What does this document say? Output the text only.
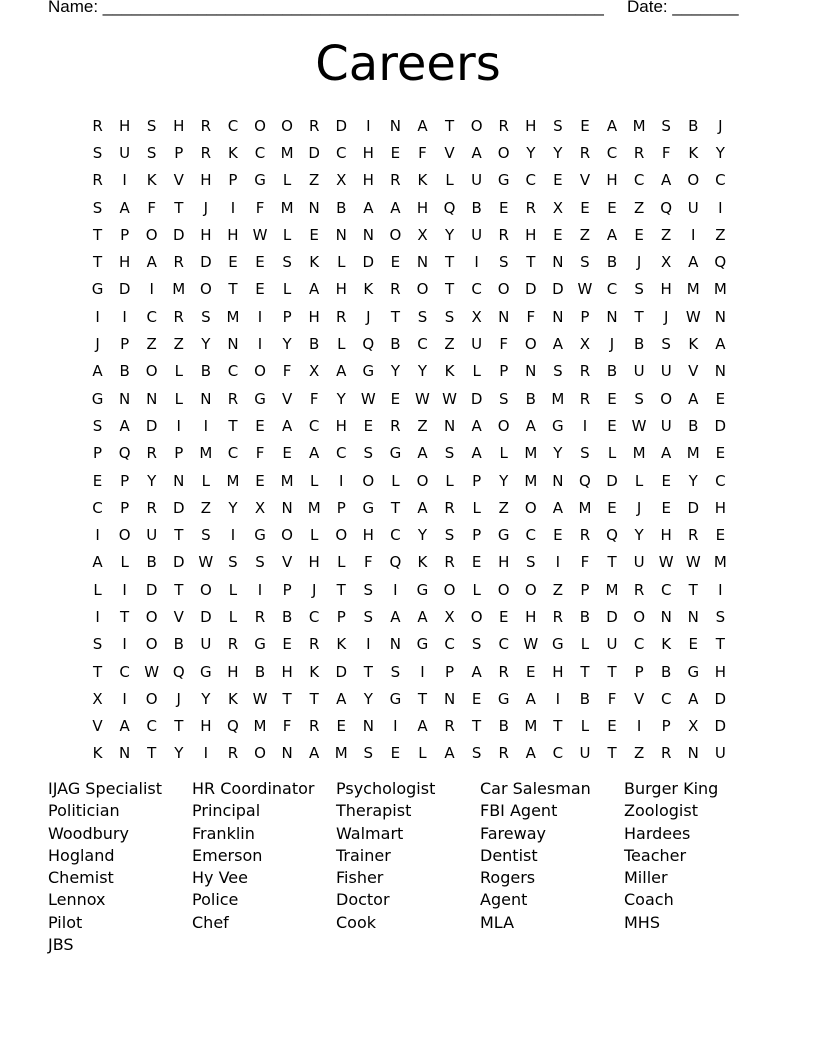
Name: _____________________________________________________ Date: _______
Careers
R	H	S	H	R	C	O	O	R	D	I	N	A	T	O	R	H	S	E	A	M	S	B	J
S	U	S	P	R	K	C	M D	C	H	E	F	V	A	O	Y	Y	R	C	R	F	K	Y
R	I	K	V	H	P	G	L	Z	X	H	R	K	L	U	G	C	E	V	H	C	A	O	C
S	A	F	T	J	I	F	M N	B	A	A	H	Q	B	E	R	X	E	E	Z	Q	U	I
T	P	O	D	H	H W	L	E	N	N	O	X	Y	U	R	H	E	Z	A	E	Z	I	Z
T	H	A	R	D	E	E	S	K	L	D	E	N	T	I	S	T	N	S	B	J	X	A	Q
G	D	I	M O	T	E	L	A	H	K	R	O	T	C	O	D	D W C	S	H M M
I	I	C	R	S	M	I	P	H	R	J	T	S	S	X	N	F	N	P	N	T	J	W N
J	P	Z	Z	Y	N	I	Y	B	L	Q	B	C	Z	U	F	O	A	X	J	B	S	K	A
A	B	O	L	B	C	O	F	X	A	G	Y	Y	K	L	P	N	S	R	B	U	U	V	N
G	N	N	L	N	R	G	V	F	Y	W E W W D	S	B	M	R	E	S	O	A	E
S	A	D	I	I	T	E	A	C	H	E	R	Z	N	A	O	A	G	I	E W U	B	D
P	Q	R	P	M	C	F	E	A	C	S	G	A	S	A	L	M	Y	S	L	M	A	M	E
E	P	Y	N	L	M	E	M	L	I	O	L	O	L	P	Y	M N	Q	D	L	E	Y	C
C	P	R	D	Z	Y	X	N M	P	G	T	A	R	L	Z	O	A	M	E	J	E	D	H
I	O	U	T	S	I	G	O	L	O	H	C	Y	S	P	G	C	E	R	Q	Y	H	R	E
A	L	B	D W S	S	V	H	L	F	Q	K	R	E	H	S	I	F	T	U W W M
L	I	D	T	O	L	I	P	J	T	S	I	G	O	L	O	O	Z	P	M	R	C	T	I
I	T	O	V	D	L	R	B	C	P	S	A	A	X	O	E	H	R	B	D	O	N	N	S
S	I	O	B	U	R	G	E	R	K	I	N	G	C	S	C W G	L	U	C	K	E	T
T	C W Q	G	H	B	H	K	D	T	S	I	P	A	R	E	H	T	T	P	B	G	H
X	I	O	J	Y	K W	T	T	A	Y	G	T	N	E	G	A	I	B	F	V	C	A	D
V	A	C	T	H	Q M	F	R	E	N	I	A	R	T	B	M	T	L	E	I	P	X	D
K	N	T	Y	I	R	O	N	A	M	S	E	L	A	S	R	A	C	U	T	Z	R	N	U
IJAG Specialist	HR Coordinator	Psychologist	Car Salesman	Burger King
Politician	Principal	Therapist	FBI Agent	Zoologist
Woodbury	Franklin	Walmart	Fareway	Hardees
Hogland	Emerson	Trainer	Dentist	Teacher
Chemist	Hy Vee	Fisher	Rogers	Miller
Lennox	Police	Doctor	Agent	Coach
Pilot	Chef	Cook	MLA	MHS
JBS
